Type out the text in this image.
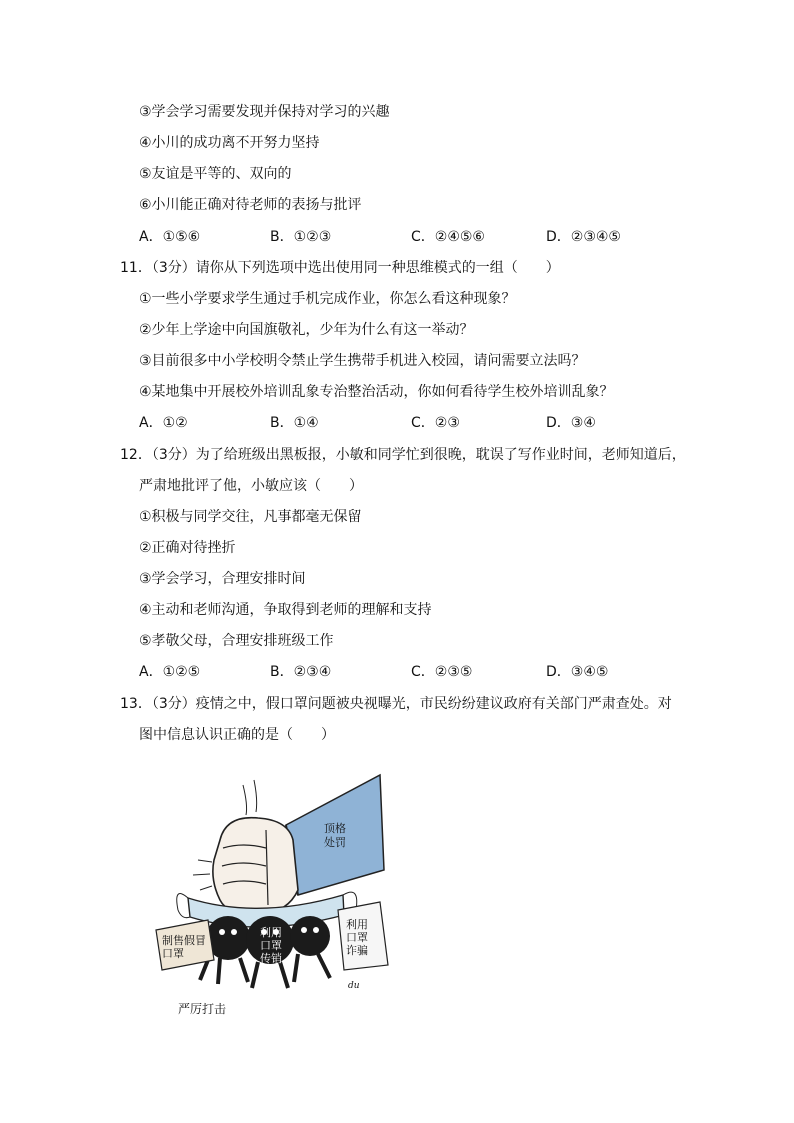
③学会学习需要发现并保持对学习的兴趣
④小川的成功离不开努力坚持
⑤友谊是平等的、双向的
⑥小川能正确对待老师的表扬与批评
A．①⑤⑥	B．①②③	C．②④⑤⑥	D．②③④⑤
11．（3分）请你从下列选项中选出使用同一种思维模式的一组（　　）
①一些小学要求学生通过手机完成作业，你怎么看这种现象？
②少年上学途中向国旗敬礼，少年为什么有这一举动？
③目前很多中小学校明令禁止学生携带手机进入校园，请问需要立法吗？
④某地集中开展校外培训乱象专治整治活动，你如何看待学生校外培训乱象？
A．①②	B．①④	C．②③	D．③④
12．（3分）为了给班级出黑板报，小敏和同学忙到很晚，耽误了写作业时间，老师知道后，
严肃地批评了他，小敏应该（　　）
①积极与同学交往，凡事都毫无保留
②正确对待挫折
③学会学习，合理安排时间
④主动和老师沟通，争取得到老师的理解和支持
⑤孝敬父母，合理安排班级工作
A．①②⑤	B．②③④	C．②③⑤	D．③④⑤
13．（3分）疫情之中，假口罩问题被央视曝光，市民纷纷建议政府有关部门严肃查处。对
图中信息认识正确的是（　　）
顶格处罚
制售假冒口罩
利用口罩传销
利用口罩诈骗
du
严厉打击
